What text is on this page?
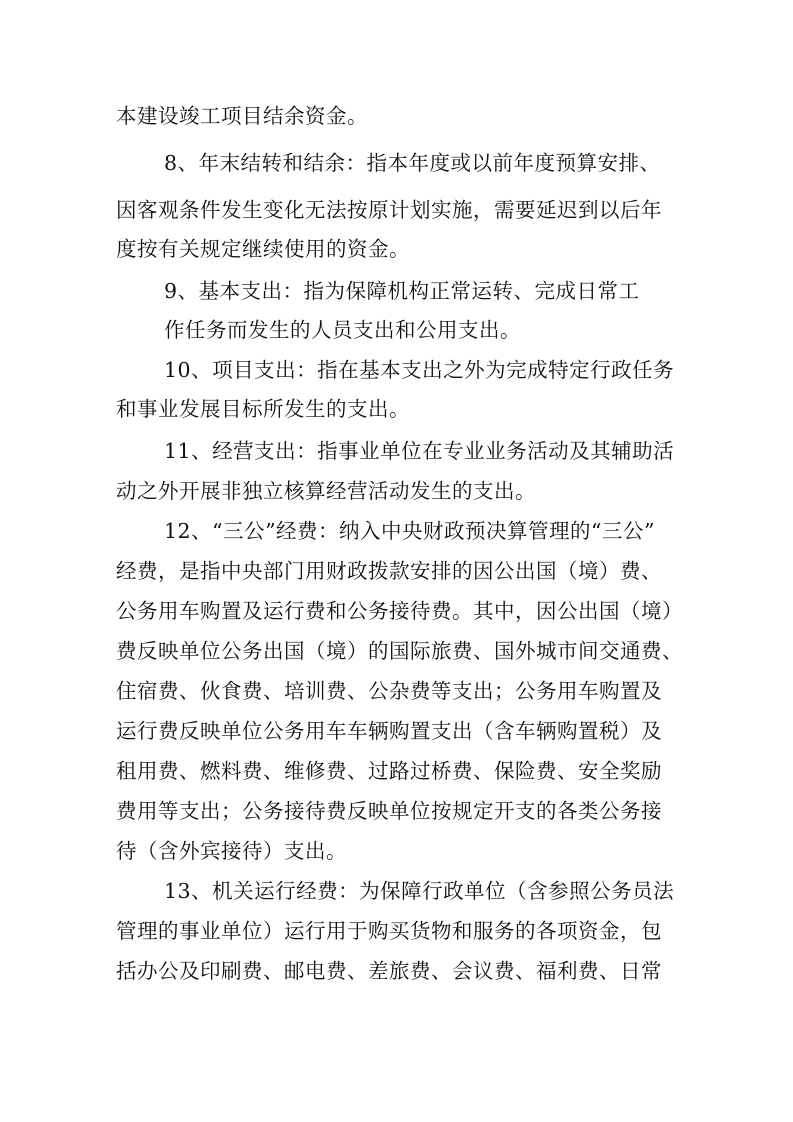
本建设竣工项目结余资金。
8、年末结转和结余：指本年度或以前年度预算安排、
因客观条件发生变化无法按原计划实施，需要延迟到以后年
度按有关规定继续使用的资金。
9、基本支出：指为保障机构正常运转、完成日常工
作任务而发生的人员支出和公用支出。
10、项目支出：指在基本支出之外为完成特定行政任务
和事业发展目标所发生的支出。
11、经营支出：指事业单位在专业业务活动及其辅助活
动之外开展非独立核算经营活动发生的支出。
12、“三公”经费：纳入中央财政预决算管理的“三公”
经费，是指中央部门用财政拨款安排的因公出国（境）费、
公务用车购置及运行费和公务接待费。其中，因公出国（境）
费反映单位公务出国（境）的国际旅费、国外城市间交通费、
住宿费、伙食费、培训费、公杂费等支出；公务用车购置及
运行费反映单位公务用车车辆购置支出（含车辆购置税）及
租用费、燃料费、维修费、过路过桥费、保险费、安全奖励
费用等支出；公务接待费反映单位按规定开支的各类公务接
待（含外宾接待）支出。
13、机关运行经费：为保障行政单位（含参照公务员法
管理的事业单位）运行用于购买货物和服务的各项资金，包
括办公及印刷费、邮电费、差旅费、会议费、福利费、日常
